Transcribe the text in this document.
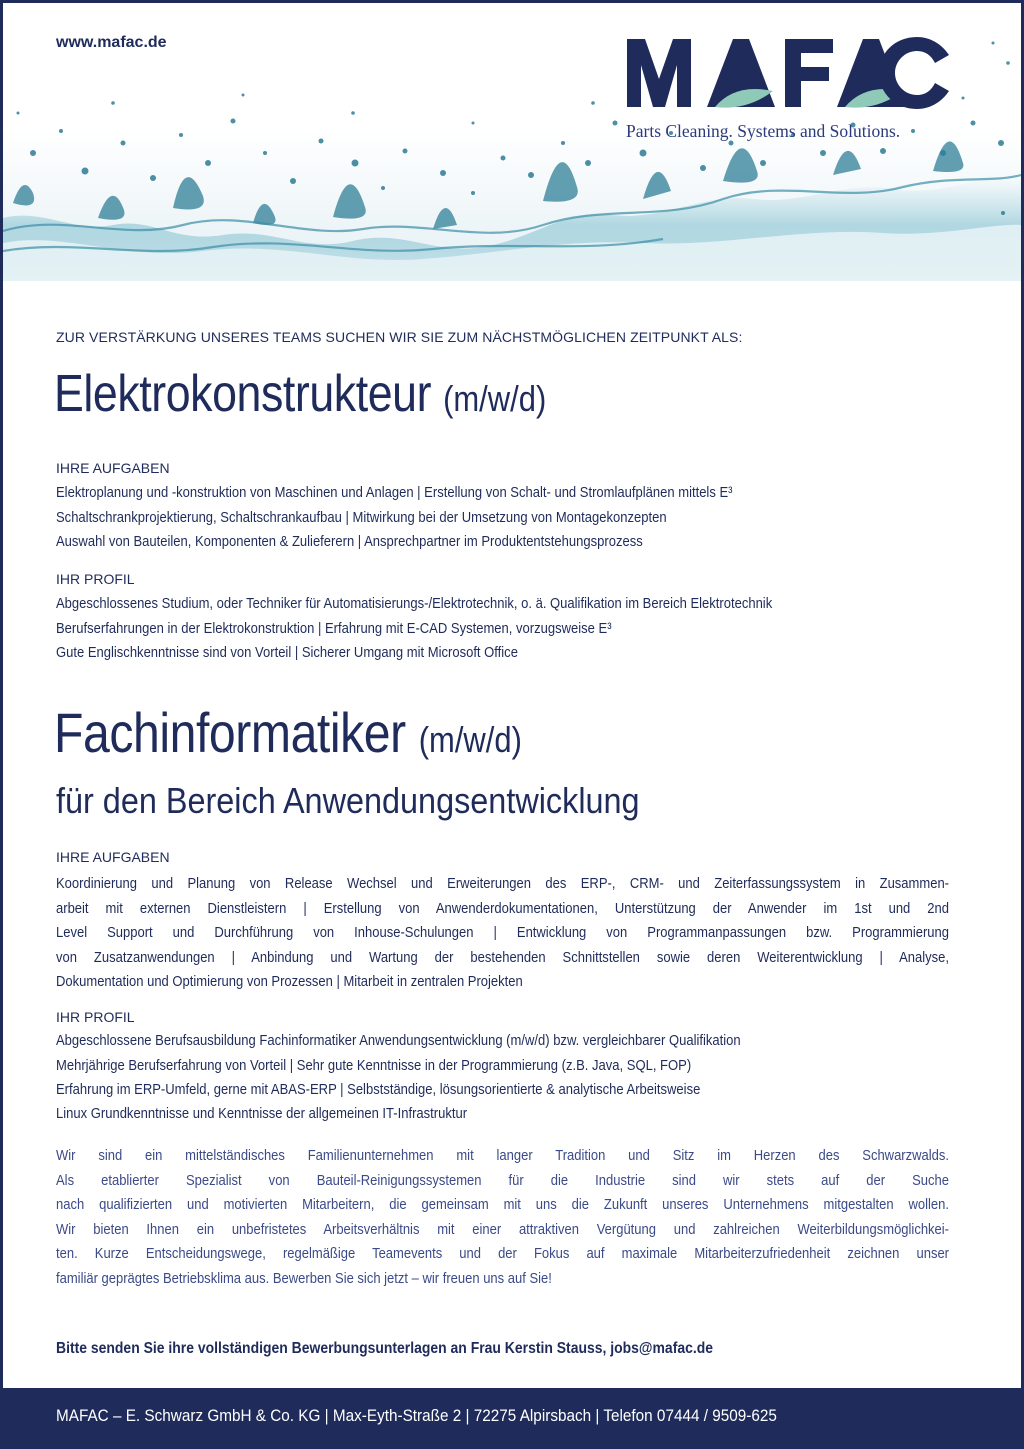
www.mafac.de
Parts Cleaning. Systems and Solutions.
ZUR VERSTÄRKUNG UNSERES TEAMS SUCHEN WIR SIE ZUM NÄCHSTMÖGLICHEN ZEITPUNKT ALS:
Elektrokonstrukteur (m/w/d)
IHRE AUFGABEN
Elektroplanung und -konstruktion von Maschinen und Anlagen | Erstellung von Schalt- und Stromlaufplänen mittels E³
Schaltschrankprojektierung, Schaltschrankaufbau | Mitwirkung bei der Umsetzung von Montagekonzepten
Auswahl von Bauteilen, Komponenten & Zulieferern | Ansprechpartner im Produktentstehungsprozess
IHR PROFIL
Abgeschlossenes Studium, oder Techniker für Automatisierungs-/Elektrotechnik, o. ä. Qualifikation im Bereich Elektrotechnik
Berufserfahrungen in der Elektrokonstruktion | Erfahrung mit E-CAD Systemen, vorzugsweise E³
Gute Englischkenntnisse sind von Vorteil | Sicherer Umgang mit Microsoft Office
Fachinformatiker (m/w/d)
für den Bereich Anwendungsentwicklung
IHRE AUFGABEN
Koordinierung und Planung von Release Wechsel und Erweiterungen des ERP-, CRM- und Zeiterfassungssystem in Zusammen-
arbeit mit externen Dienstleistern | Erstellung von Anwenderdokumentationen, Unterstützung der Anwender im 1st und 2nd
Level Support und Durchführung von Inhouse-Schulungen | Entwicklung von Programmanpassungen bzw. Programmierung
von Zusatzanwendungen | Anbindung und Wartung der bestehenden Schnittstellen sowie deren Weiterentwicklung | Analyse,
Dokumentation und Optimierung von Prozessen | Mitarbeit in zentralen Projekten
IHR PROFIL
Abgeschlossene Berufsausbildung Fachinformatiker Anwendungsentwicklung (m/w/d) bzw. vergleichbarer Qualifikation
Mehrjährige Berufserfahrung von Vorteil | Sehr gute Kenntnisse in der Programmierung (z.B. Java, SQL, FOP)
Erfahrung im ERP-Umfeld, gerne mit ABAS-ERP | Selbstständige, lösungsorientierte & analytische Arbeitsweise
Linux Grundkenntnisse und Kenntnisse der allgemeinen IT-Infrastruktur
Wir sind ein mittelständisches Familienunternehmen mit langer Tradition und Sitz im Herzen des Schwarzwalds.
Als etablierter Spezialist von Bauteil-Reinigungssystemen für die Industrie sind wir stets auf der Suche
nach qualifizierten und motivierten Mitarbeitern, die gemeinsam mit uns die Zukunft unseres Unternehmens mitgestalten wollen.
Wir bieten Ihnen ein unbefristetes Arbeitsverhältnis mit einer attraktiven Vergütung und zahlreichen Weiterbildungsmöglichkei-
ten. Kurze Entscheidungswege, regelmäßige Teamevents und der Fokus auf maximale Mitarbeiterzufriedenheit zeichnen unser
familiär geprägtes Betriebsklima aus. Bewerben Sie sich jetzt – wir freuen uns auf Sie!
Bitte senden Sie ihre vollständigen Bewerbungsunterlagen an Frau Kerstin Stauss, jobs@mafac.de
MAFAC – E. Schwarz GmbH & Co. KG | Max-Eyth-Straße 2 | 72275 Alpirsbach | Telefon 07444 / 9509-625
